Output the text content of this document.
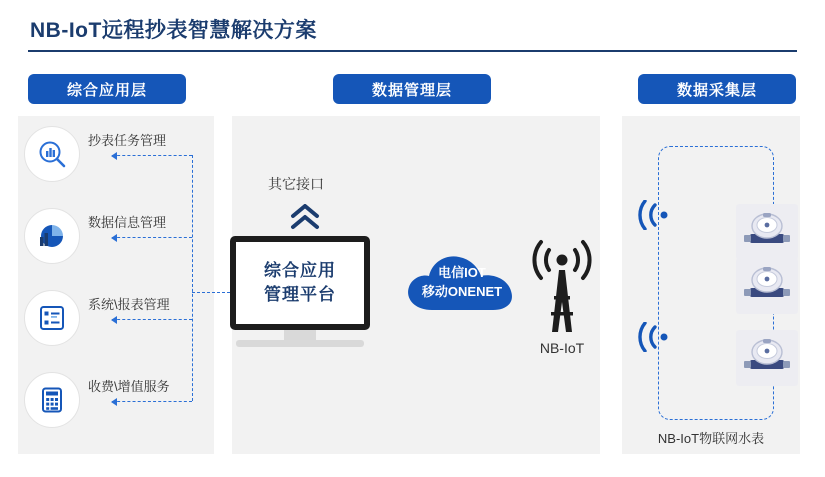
NB-IoT远程抄表智慧解决方案
综合应用层	数据管理层	数据采集层
抄表任务管理
数据信息管理
系统\报表管理
收费\增值服务
其它接口
综合应用
管理平台
电信IOT
移动ONENET
NB-IoT
NB-IoT物联网水表
